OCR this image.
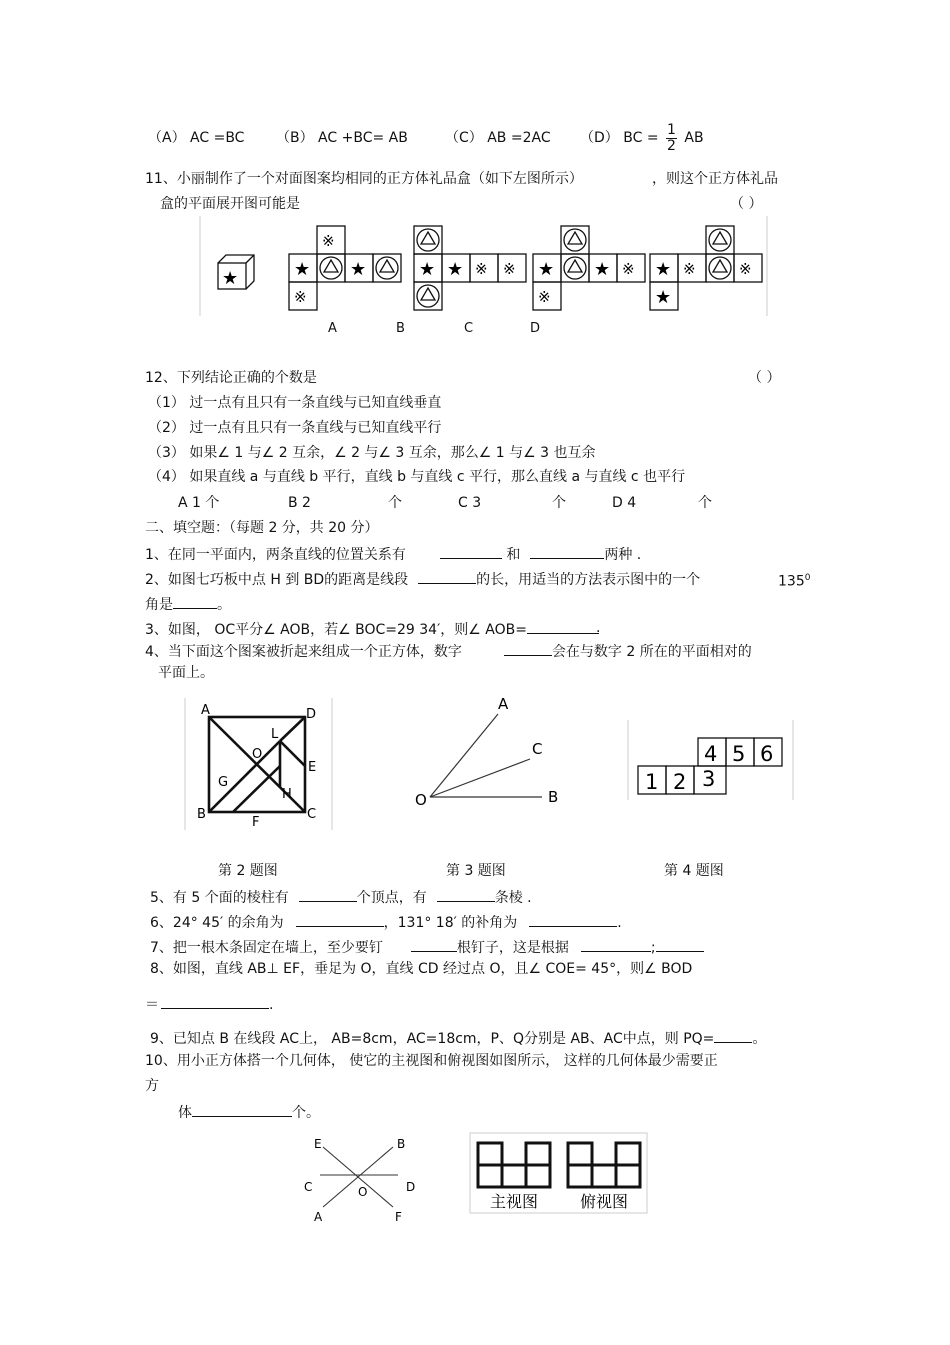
（A） AC =BC （B） AC +BC= AB	（C） AB =2AC （D） BC = $\frac{1}{2}$ AB
11、小丽制作了一个对面图案均相同的正方体礼品盒（如下左图所示）	，则这个正方体礼品
盒的平面展开图可能是	（ ）
★
※
★ ★
※
★ ★ ※ ※ ★ ★ ※
※
★ ※	※
★
A	B	C	D
12、下列结论正确的个数是	（ ）
（1） 过一点有且只有一条直线与已知直线垂直
（2） 过一点有且只有一条直线与已知直线平行
（3） 如果∠ 1 与∠ 2 互余，∠ 2 与∠ 3 互余，那么∠ 1 与∠ 3 也互余
（4） 如果直线 a 与直线 b 平行，直线 b 与直线 c 平行，那么直线 a 与直线 c 也平行
A 1 个	B 2	个	C 3	个	D 4	个
二、填空题：（每题 2 分，共 20 分）
1、在同一平面内，两条直线的位置关系有	和	两种 .
2、如图七巧板中点 H 到 BD的距离是线段	的长，用适当的方法表示图中的一个	$135^0$
角是	。
3、如图， OC平分∠ AOB，若∠ BOC=29 34′，则∠ AOB=	.
4、当下面这个图案被折起来组成一个正方体，数字	会在与数字 2 所在的平面相对的
平面上。
A	D
L
O
E
G
H
B
F
C
A
C
O	B
4 5 6
1 2 3
第 2 题图	第 3 题图	第 4 题图
5、有 5 个面的棱柱有	个顶点，有	条棱 .
6、24° 45′ 的余角为	，131° 18′ 的补角为	.
7、把一根木条固定在墙上，至少要钉	根钉子，这是根据	;
8、如图，直线 AB⊥ EF，垂足为 O，直线 CD 经过点 O，且∠ COE= 45°，则∠ BOD
＝	.
9、已知点 B 在线段 AC上， AB=8cm，AC=18cm，P、Q分别是 AB、AC中点，则 PQ=	。
10、用小正方体搭一个几何体， 使它的主视图和俯视图如图所示， 这样的几何体最少需要正
方
体	个。
E	B
C	O	D
A	F
主视图	俯视图
